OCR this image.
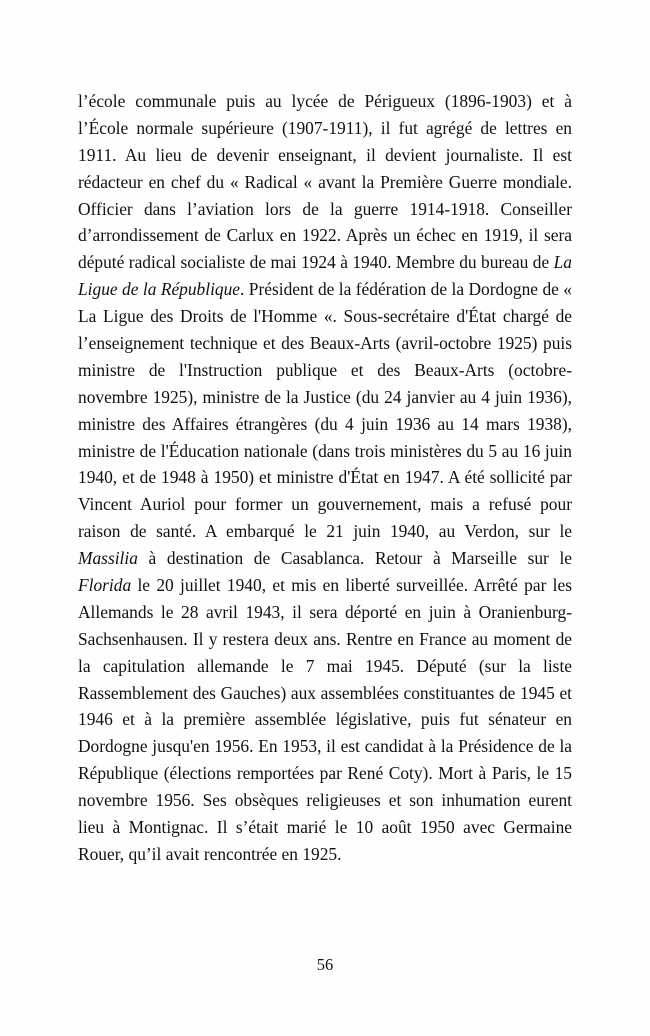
l’école communale puis au lycée de Périgueux (1896-1903) et à l’École normale supérieure (1907-1911), il fut agrégé de lettres en 1911. Au lieu de devenir enseignant, il devient journaliste. Il est rédacteur en chef du « Radical « avant la Première Guerre mondiale. Officier dans l’aviation lors de la guerre 1914-1918. Conseiller d’arrondissement de Carlux en 1922. Après un échec en 1919, il sera député radical socialiste de mai 1924 à 1940. Membre du bureau de La Ligue de la République. Président de la fédération de la Dordogne de « La Ligue des Droits de l'Homme «. Sous-secrétaire d'État chargé de l’enseignement technique et des Beaux-Arts (avril-octobre 1925) puis ministre de l'Instruction publique et des Beaux-Arts (octobre-novembre 1925), ministre de la Justice (du 24 janvier au 4 juin 1936), ministre des Affaires étrangères (du 4 juin 1936 au 14 mars 1938), ministre de l'Éducation nationale (dans trois ministères du 5 au 16 juin 1940, et de 1948 à 1950) et ministre d'État en 1947. A été sollicité par Vincent Auriol pour former un gouvernement, mais a refusé pour raison de santé. A embarqué le 21 juin 1940, au Verdon, sur le Massilia à destination de Casablanca. Retour à Marseille sur le Florida le 20 juillet 1940, et mis en liberté surveillée. Arrêté par les Allemands le 28 avril 1943, il sera déporté en juin à Oranienburg-Sachsenhausen. Il y restera deux ans. Rentre en France au moment de la capitulation allemande le 7 mai 1945. Député (sur la liste Rassemblement des Gauches) aux assemblées constituantes de 1945 et 1946 et à la première assemblée législative, puis fut sénateur en Dordogne jusqu'en 1956. En 1953, il est candidat à la Présidence de la République (élections remportées par René Coty). Mort à Paris, le 15 novembre 1956. Ses obsèques religieuses et son inhumation eurent lieu à Montignac. Il s’était marié le 10 août 1950 avec Germaine Rouer, qu’il avait rencontrée en 1925.

56
